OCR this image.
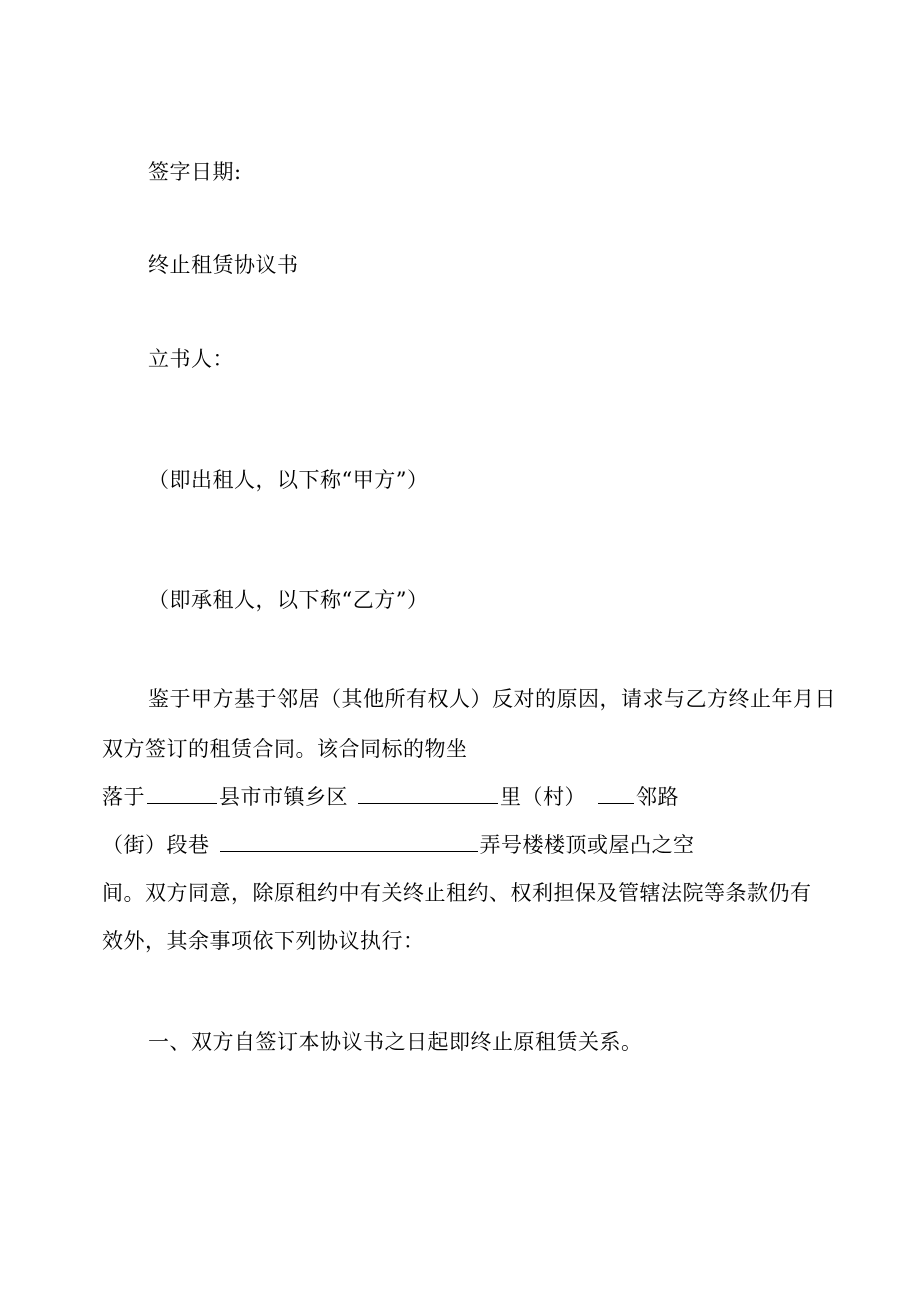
签字日期:
终止租赁协议书
立书人：
（即出租人，以下称“甲方”）
（即承租人，以下称“乙方”）
鉴于甲方基于邻居（其他所有权人）反对的原因，请求与乙方终止年月日
双方签订的租赁合同。该合同标的物坐
落于	县市市镇乡区	里（村） 邻路
（街）段巷	弄号楼楼顶或屋凸之空
间。双方同意，除原租约中有关终止租约、权利担保及管辖法院等条款仍有
效外，其余事项依下列协议执行：
一、双方自签订本协议书之日起即终止原租赁关系。
